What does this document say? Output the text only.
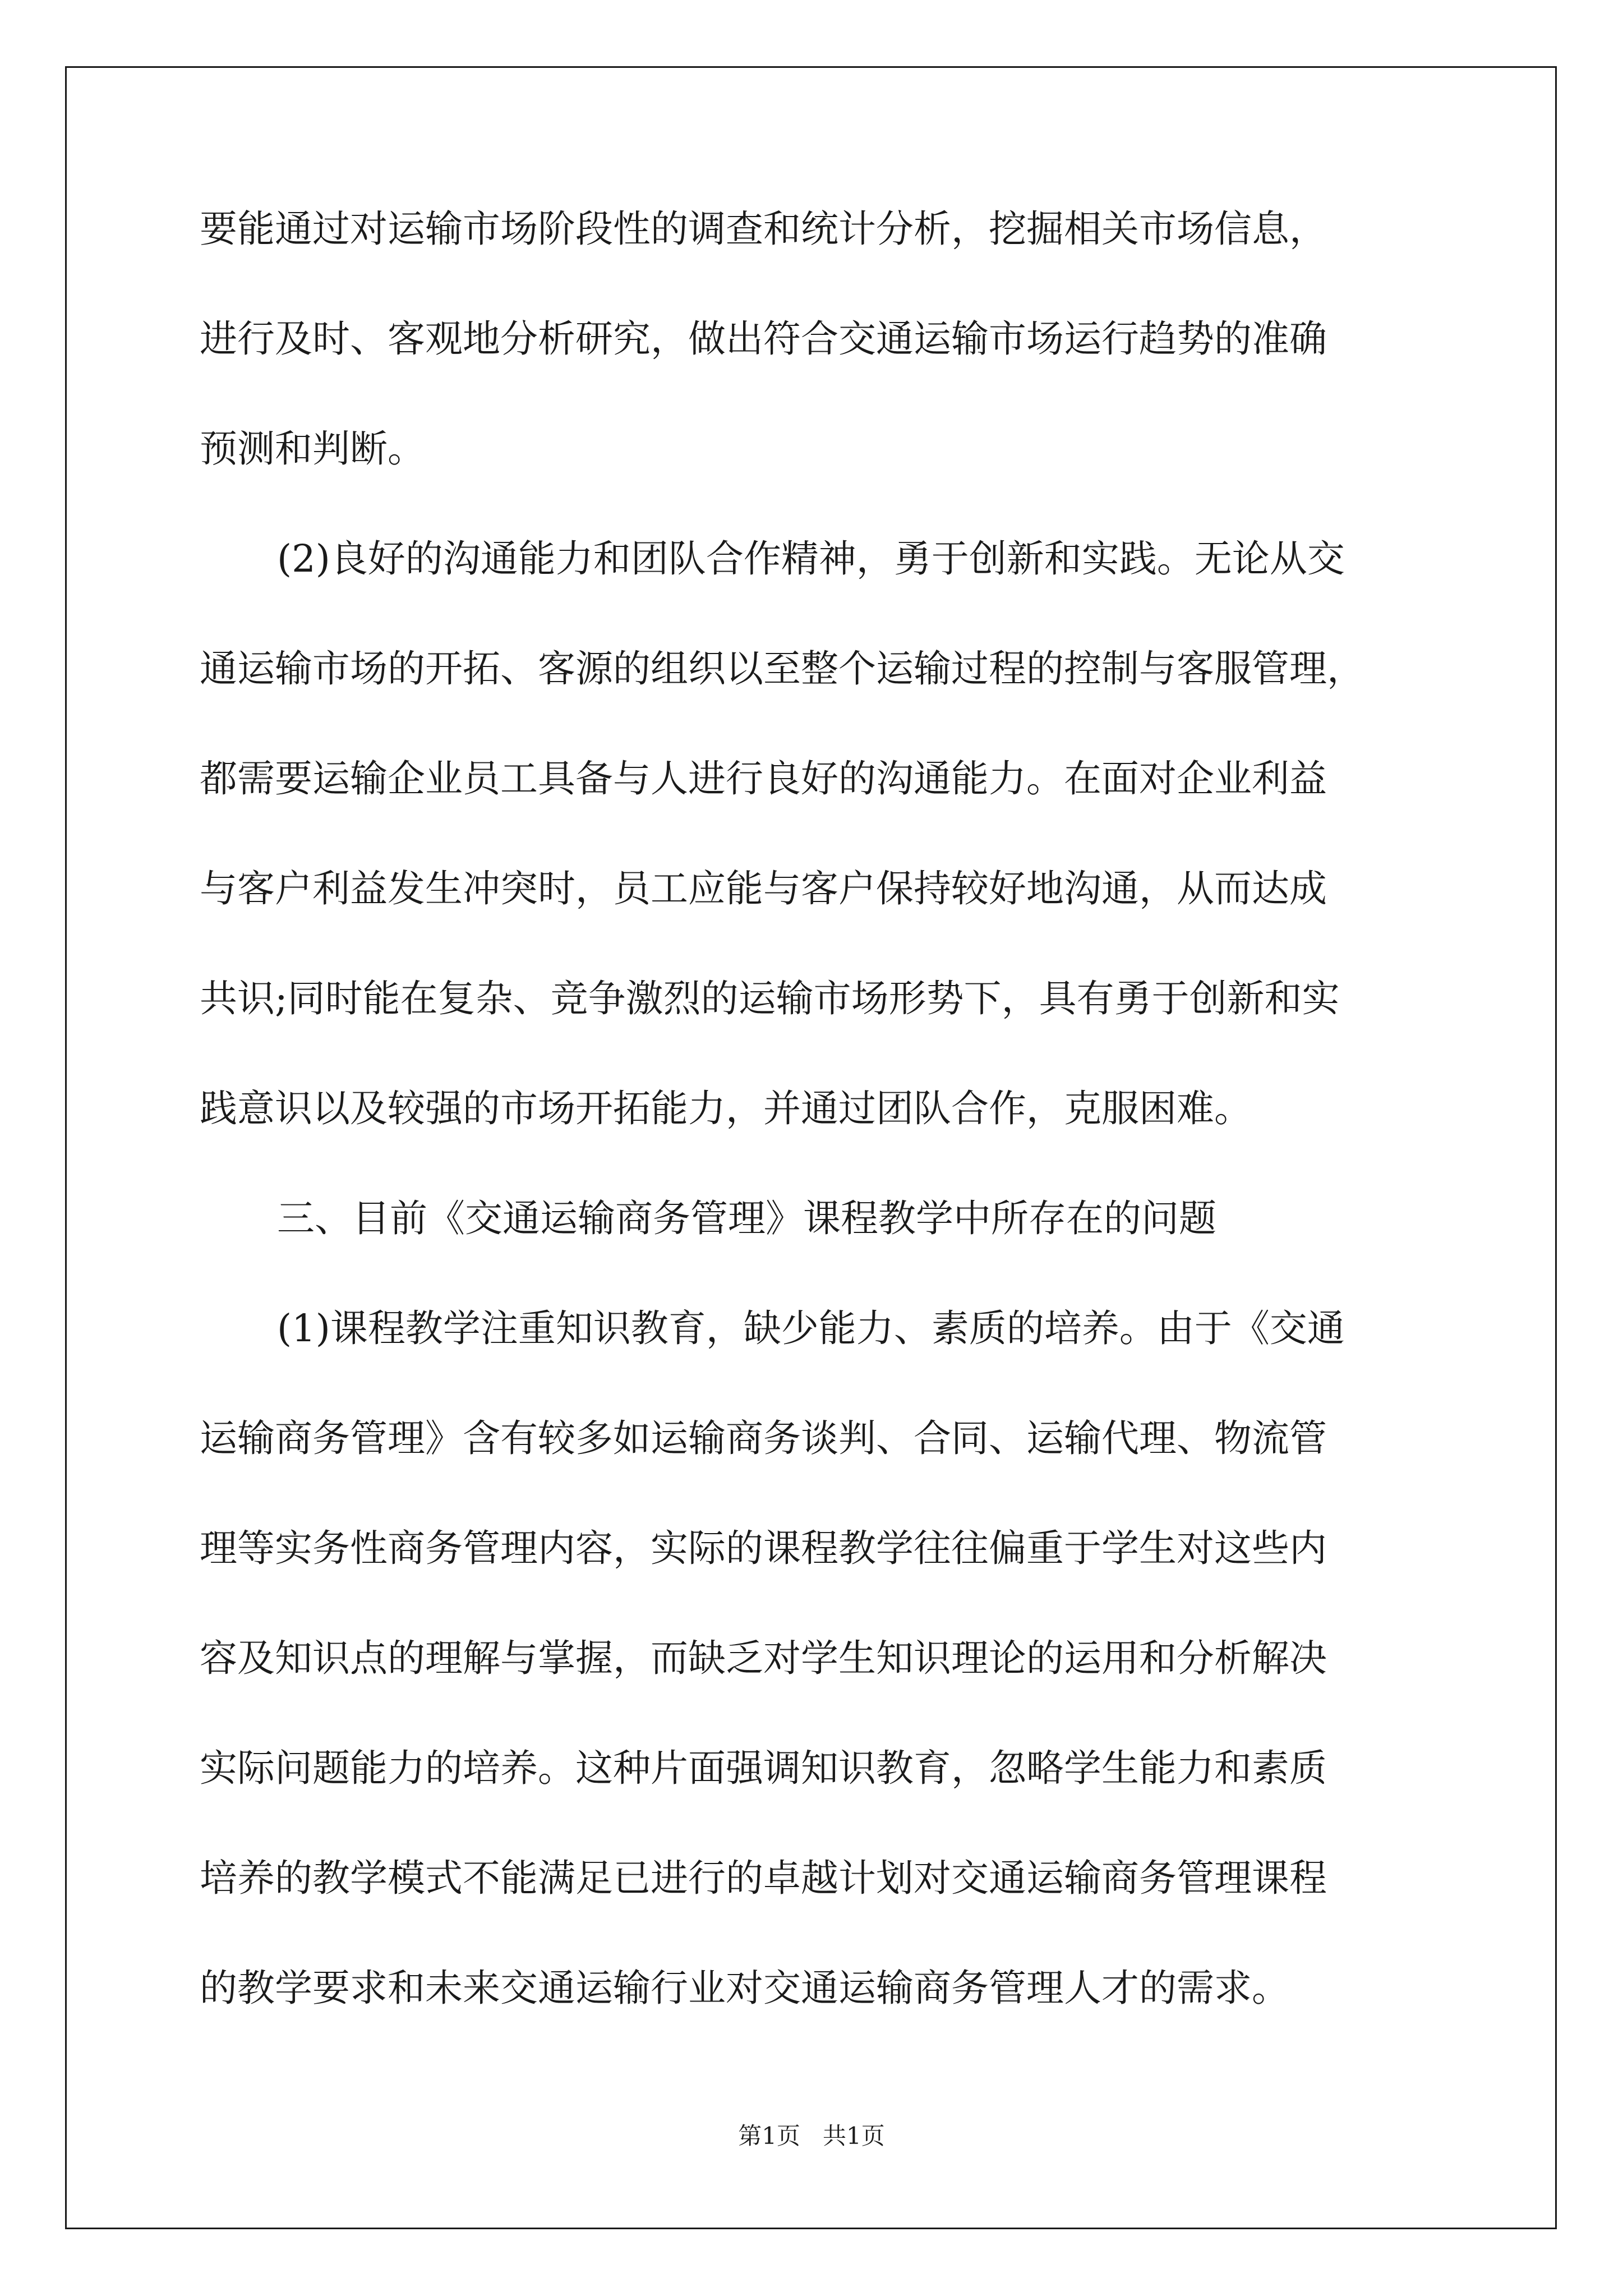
要能通过对运输市场阶段性的调查和统计分析，挖掘相关市场信息，
进行及时、客观地分析研究，做出符合交通运输市场运行趋势的准确
预测和判断。
(2)良好的沟通能力和团队合作精神，勇于创新和实践。无论从交
通运输市场的开拓、客源的组织以至整个运输过程的控制与客服管理，
都需要运输企业员工具备与人进行良好的沟通能力。在面对企业利益
与客户利益发生冲突时，员工应能与客户保持较好地沟通，从而达成
共识;同时能在复杂、竞争激烈的运输市场形势下，具有勇于创新和实
践意识以及较强的市场开拓能力，并通过团队合作，克服困难。
三、目前《交通运输商务管理》课程教学中所存在的问题
(1)课程教学注重知识教育，缺少能力、素质的培养。由于《交通
运输商务管理》含有较多如运输商务谈判、合同、运输代理、物流管
理等实务性商务管理内容，实际的课程教学往往偏重于学生对这些内
容及知识点的理解与掌握，而缺乏对学生知识理论的运用和分析解决
实际问题能力的培养。这种片面强调知识教育，忽略学生能力和素质
培养的教学模式不能满足已进行的卓越计划对交通运输商务管理课程
的教学要求和未来交通运输行业对交通运输商务管理人才的需求。
第1页   共1页
